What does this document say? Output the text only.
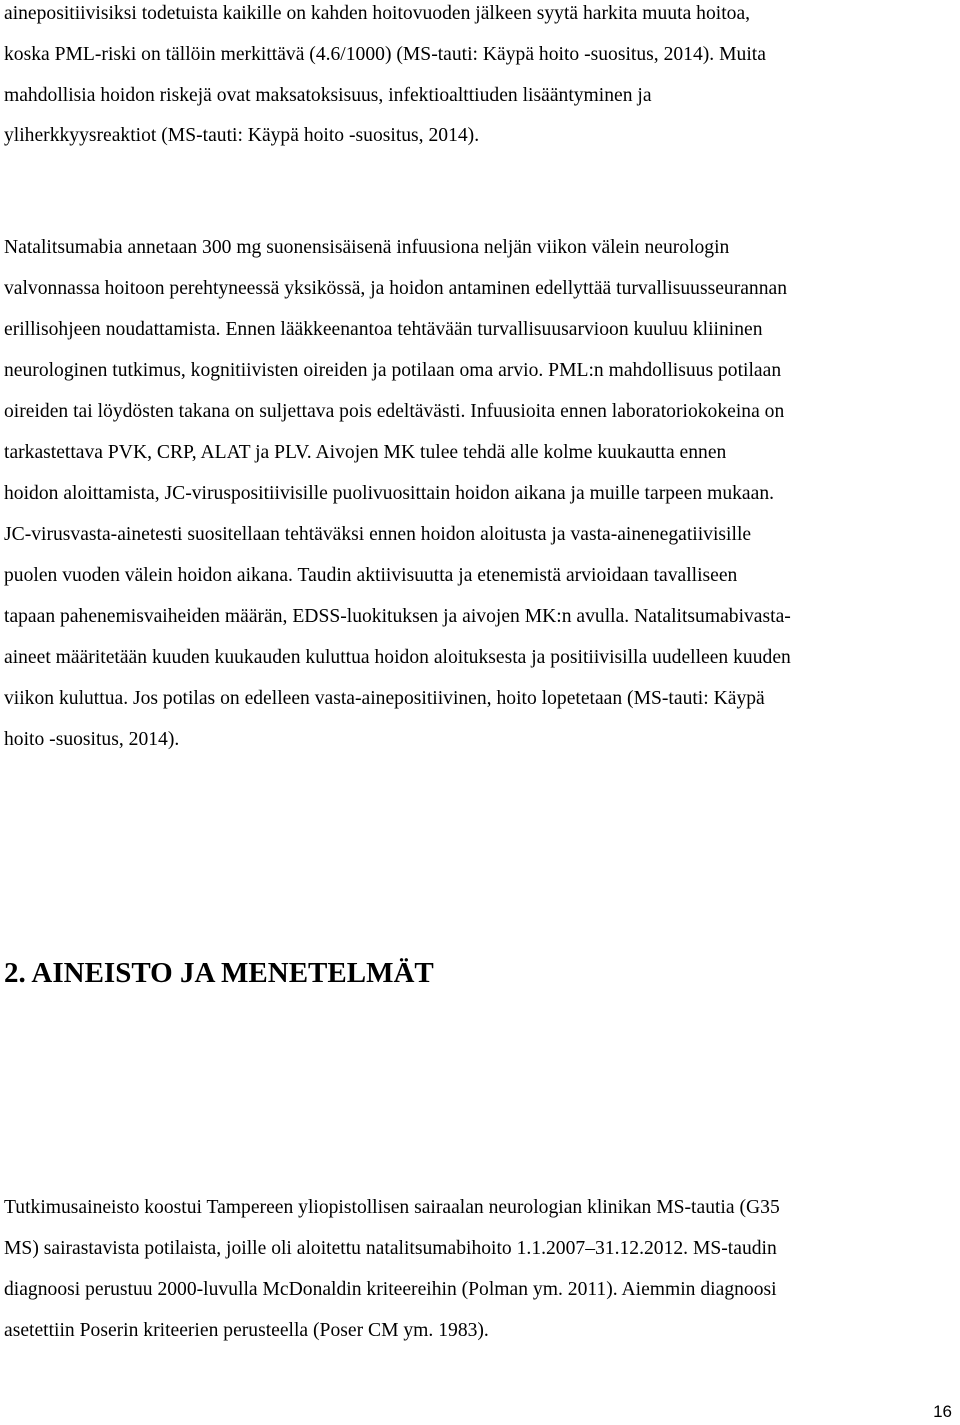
ainepositiivisiksi todetuista kaikille on kahden hoitovuoden jälkeen syytä harkita muuta hoitoa,
koska PML-riski on tällöin merkittävä (4.6/1000) (MS-tauti: Käypä hoito -suositus, 2014). Muita
mahdollisia hoidon riskejä ovat maksatoksisuus, infektioalttiuden lisääntyminen ja
yliherkkyysreaktiot (MS-tauti: Käypä hoito -suositus, 2014).
Natalitsumabia annetaan 300 mg suonensisäisenä infuusiona neljän viikon välein neurologin
valvonnassa hoitoon perehtyneessä yksikössä, ja hoidon antaminen edellyttää turvallisuusseurannan
erillisohjeen noudattamista. Ennen lääkkeenantoa tehtävään turvallisuusarvioon kuuluu kliininen
neurologinen tutkimus, kognitiivisten oireiden ja potilaan oma arvio. PML:n mahdollisuus potilaan
oireiden tai löydösten takana on suljettava pois edeltävästi. Infuusioita ennen laboratoriokokeina on
tarkastettava PVK, CRP, ALAT ja PLV. Aivojen MK tulee tehdä alle kolme kuukautta ennen
hoidon aloittamista, JC-viruspositiivisille puolivuosittain hoidon aikana ja muille tarpeen mukaan.
JC-virusvasta-ainetesti suositellaan tehtäväksi ennen hoidon aloitusta ja vasta-ainenegatiivisille
puolen vuoden välein hoidon aikana. Taudin aktiivisuutta ja etenemistä arvioidaan tavalliseen
tapaan pahenemisvaiheiden määrän, EDSS-luokituksen ja aivojen MK:n avulla. Natalitsumabivasta-
aineet määritetään kuuden kuukauden kuluttua hoidon aloituksesta ja positiivisilla uudelleen kuuden
viikon kuluttua. Jos potilas on edelleen vasta-ainepositiivinen, hoito lopetetaan (MS-tauti: Käypä
hoito -suositus, 2014).
2. AINEISTO JA MENETELMÄT
Tutkimusaineisto koostui Tampereen yliopistollisen sairaalan neurologian klinikan MS-tautia (G35
MS) sairastavista potilaista, joille oli aloitettu natalitsumabihoito 1.1.2007–31.12.2012. MS-taudin
diagnoosi perustuu 2000-luvulla McDonaldin kriteereihin (Polman ym. 2011). Aiemmin diagnoosi
asetettiin Poserin kriteerien perusteella (Poser CM ym. 1983).
16
